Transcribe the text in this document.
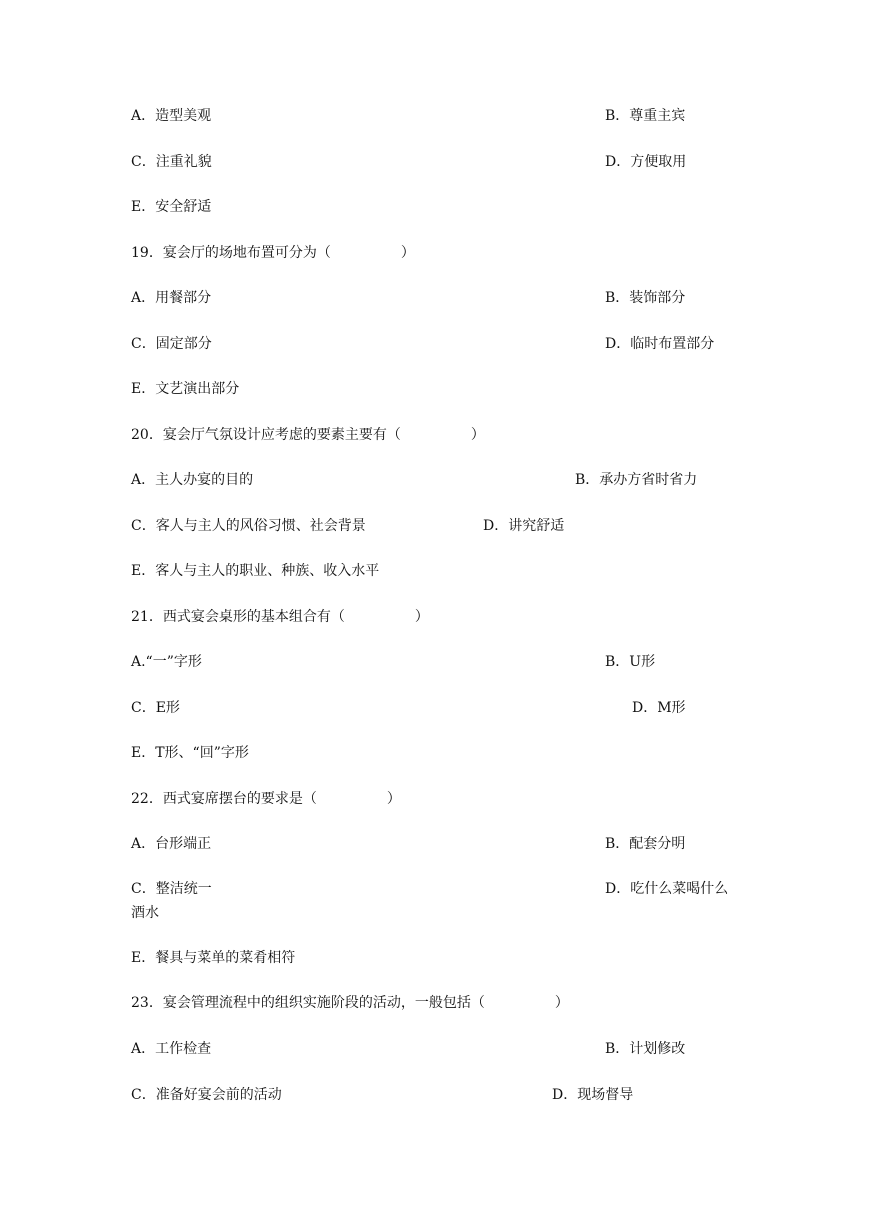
A．造型美观	B．尊重主宾
C．注重礼貌	D．方便取用
E．安全舒适
19．宴会厅的场地布置可分为（　　　　　）
A．用餐部分	B．装饰部分
C．固定部分	D．临时布置部分
E．文艺演出部分
20．宴会厅气氛设计应考虑的要素主要有（　　　　　）
A．主人办宴的目的	B．承办方省时省力
C．客人与主人的风俗习惯、社会背景	D．讲究舒适
E．客人与主人的职业、种族、收入水平
21．西式宴会桌形的基本组合有（　　　　　）
A.“一”字形	B．U形
C．E形	D．M形
E．T形、“回”字形
22．西式宴席摆台的要求是（　　　　　）
A．台形端正	B．配套分明
C．整洁统一	D．吃什么菜喝什么
酒水
E．餐具与菜单的菜肴相符
23．宴会管理流程中的组织实施阶段的活动，一般包括（　　　　　）
A．工作检查	B．计划修改
C．准备好宴会前的活动	D．现场督导
